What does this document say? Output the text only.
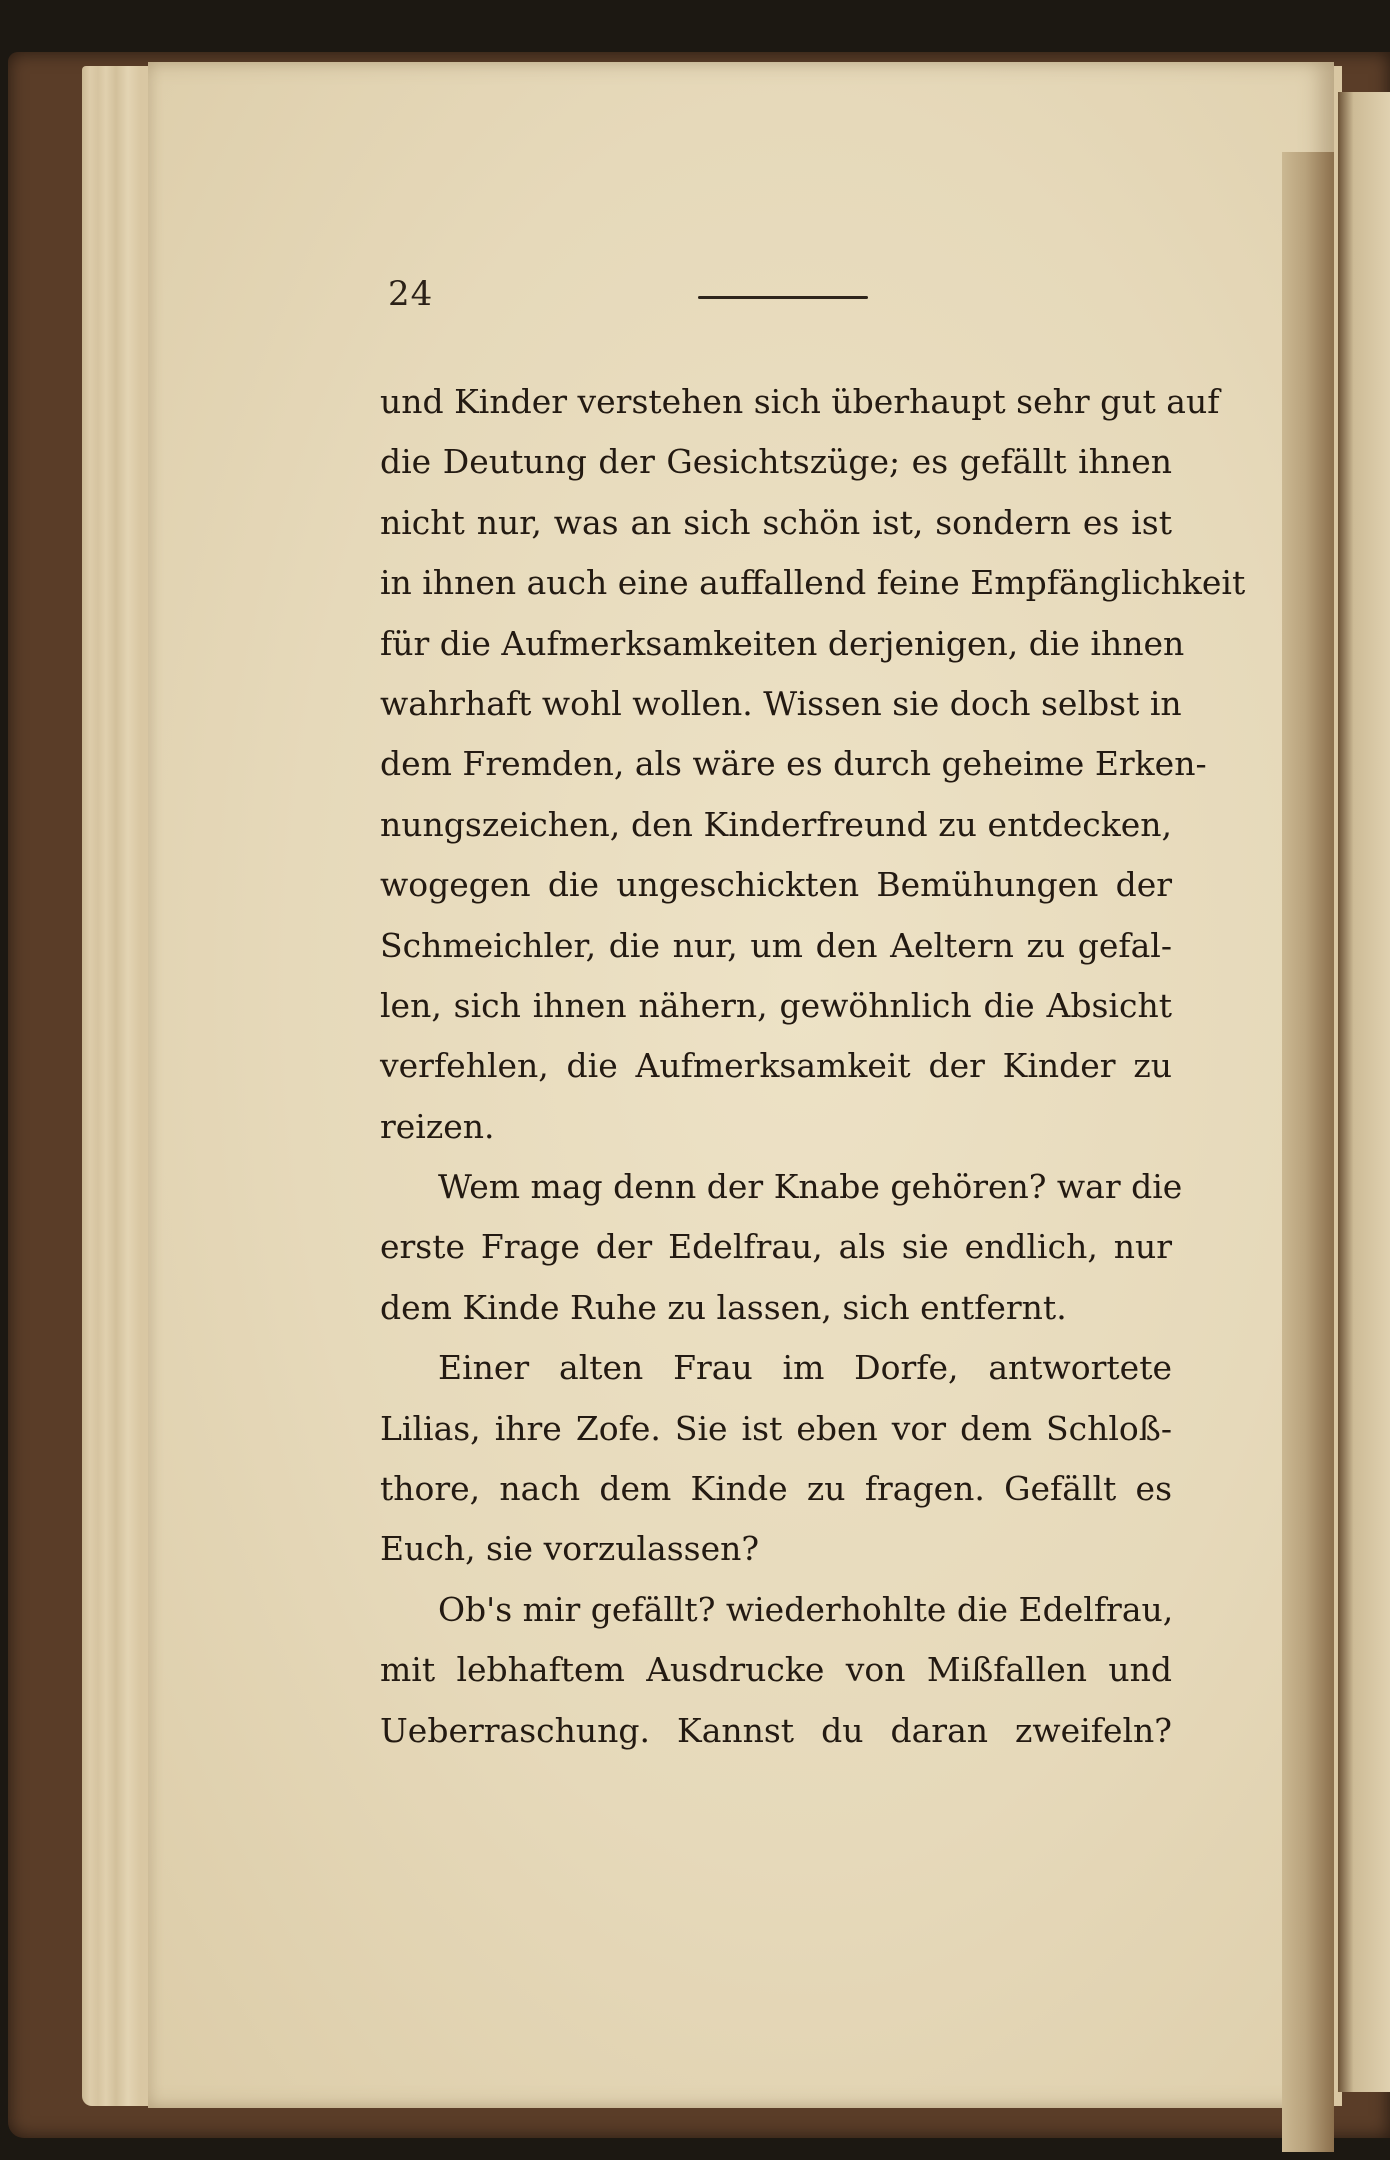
24
und Kinder verstehen sich überhaupt sehr gut auf
die Deutung der Gesichtszüge; es gefällt ihnen
nicht nur, was an sich schön ist, sondern es ist
in ihnen auch eine auffallend feine Empfänglichkeit
für die Aufmerksamkeiten derjenigen, die ihnen
wahrhaft wohl wollen. Wissen sie doch selbst in
dem Fremden, als wäre es durch geheime Erken-
nungszeichen, den Kinderfreund zu entdecken,
wogegen die ungeschickten Bemühungen der
Schmeichler, die nur, um den Aeltern zu gefal-
len, sich ihnen nähern, gewöhnlich die Absicht
verfehlen, die Aufmerksamkeit der Kinder zu
reizen.
Wem mag denn der Knabe gehören? war die
erste Frage der Edelfrau, als sie endlich, nur
dem Kinde Ruhe zu lassen, sich entfernt.
Einer alten Frau im Dorfe, antwortete
Lilias, ihre Zofe. Sie ist eben vor dem Schloß-
thore, nach dem Kinde zu fragen. Gefällt es
Euch, sie vorzulassen?
Ob's mir gefällt? wiederhohlte die Edelfrau,
mit lebhaftem Ausdrucke von Mißfallen und
Ueberraschung. Kannst du daran zweifeln?
